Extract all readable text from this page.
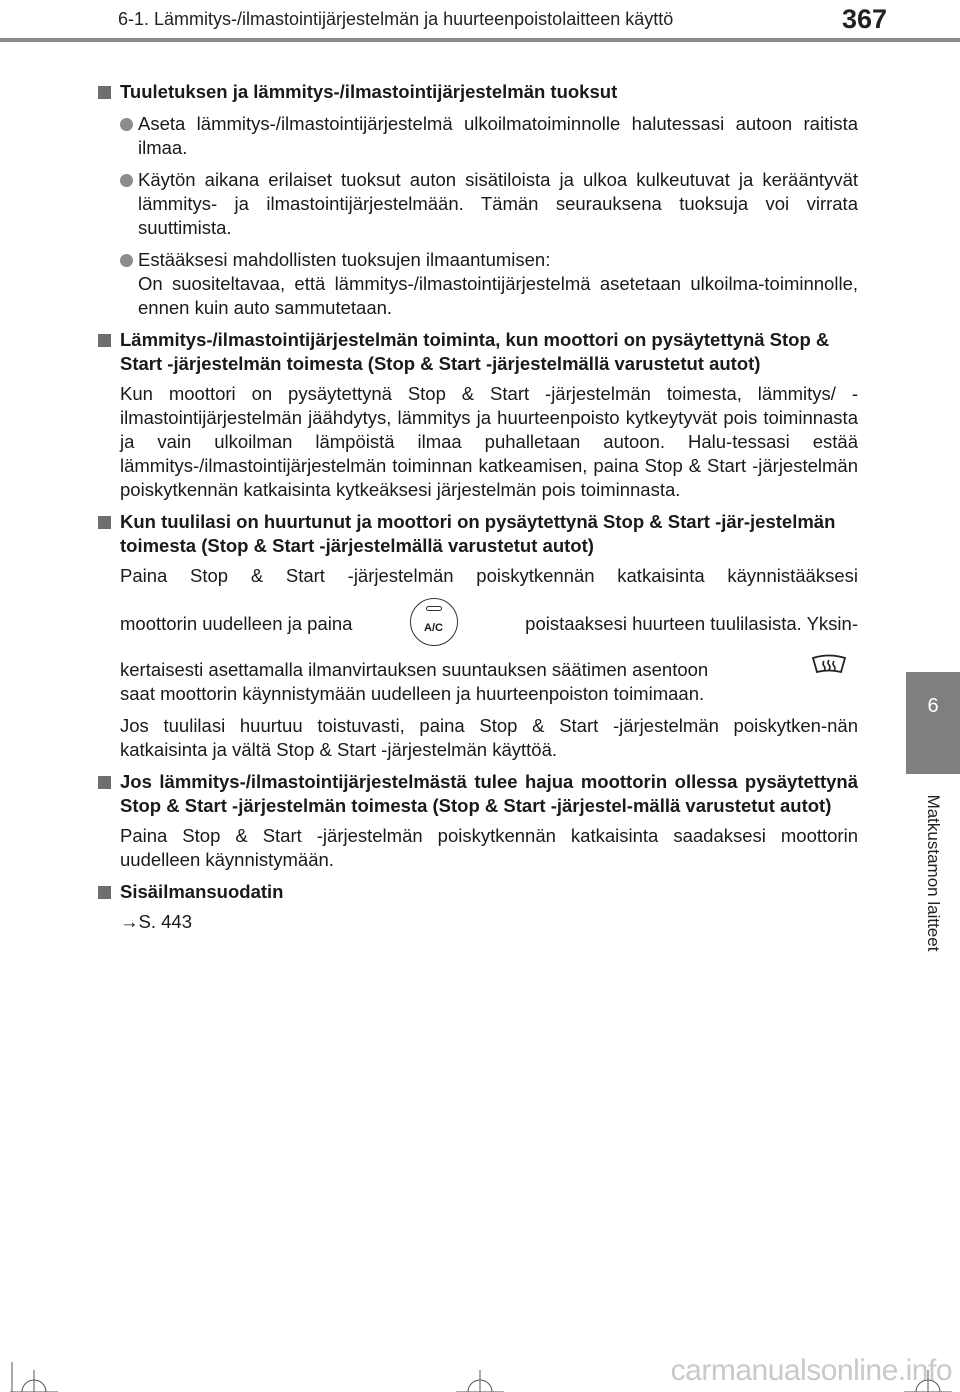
6-1. Lämmitys-/ilmastointijärjestelmän ja huurteenpoistolaitteen käyttö	367
6
Matkustamon laitteet
Tuuletuksen ja lämmitys-/ilmastointijärjestelmän tuoksut
Aseta lämmitys-/ilmastointijärjestelmä ulkoilmatoiminnolle halutessasi autoon raitista ilmaa.
Käytön aikana erilaiset tuoksut auton sisätiloista ja ulkoa kulkeutuvat ja kerääntyvät lämmitys- ja ilmastointijärjestelmään. Tämän seurauksena tuoksuja voi virrata suuttimista.
Estääksesi mahdollisten tuoksujen ilmaantumisen:
On suositeltavaa, että lämmitys-/ilmastointijärjestelmä asetetaan ulkoilma-toiminnolle, ennen kuin auto sammutetaan.
Lämmitys-/ilmastointijärjestelmän toiminta, kun moottori on pysäytettynä Stop & Start -järjestelmän toimesta (Stop & Start -järjestelmällä varustetut autot)
Kun moottori on pysäytettynä Stop & Start -järjestelmän toimesta, lämmitys/ -ilmastointijärjestelmän jäähdytys, lämmitys ja huurteenpoisto kytkeytyvät pois toiminnasta ja vain ulkoilman lämpöistä ilmaa puhalletaan autoon. Halu-tessasi estää lämmitys-/ilmastointijärjestelmän toiminnan katkeamisen, paina Stop & Start -järjestelmän poiskytkennän katkaisinta kytkeäksesi järjestelmän pois toiminnasta.
Kun tuulilasi on huurtunut ja moottori on pysäytettynä Stop & Start -jär-jestelmän toimesta (Stop & Start -järjestelmällä varustetut autot)
Paina Stop & Start -järjestelmän poiskytkennän katkaisinta käynnistääksesi
moottorin uudelleen ja paina	A/C	poistaaksesi huurteen tuulilasista. Yksin-
kertaisesti asettamalla ilmanvirtauksen suuntauksen säätimen asentoon
saat moottorin käynnistymään uudelleen ja huurteenpoiston toimimaan.
Jos tuulilasi huurtuu toistuvasti, paina Stop & Start -järjestelmän poiskytken-nän katkaisinta ja vältä Stop & Start -järjestelmän käyttöä.
Jos lämmitys-/ilmastointijärjestelmästä tulee hajua moottorin ollessa pysäytettynä Stop & Start -järjestelmän toimesta (Stop & Start -järjestel-mällä varustetut autot)
Paina Stop & Start -järjestelmän poiskytkennän katkaisinta saadaksesi moottorin uudelleen käynnistymään.
Sisäilmansuodatin
→S. 443
carmanualsonline.info
